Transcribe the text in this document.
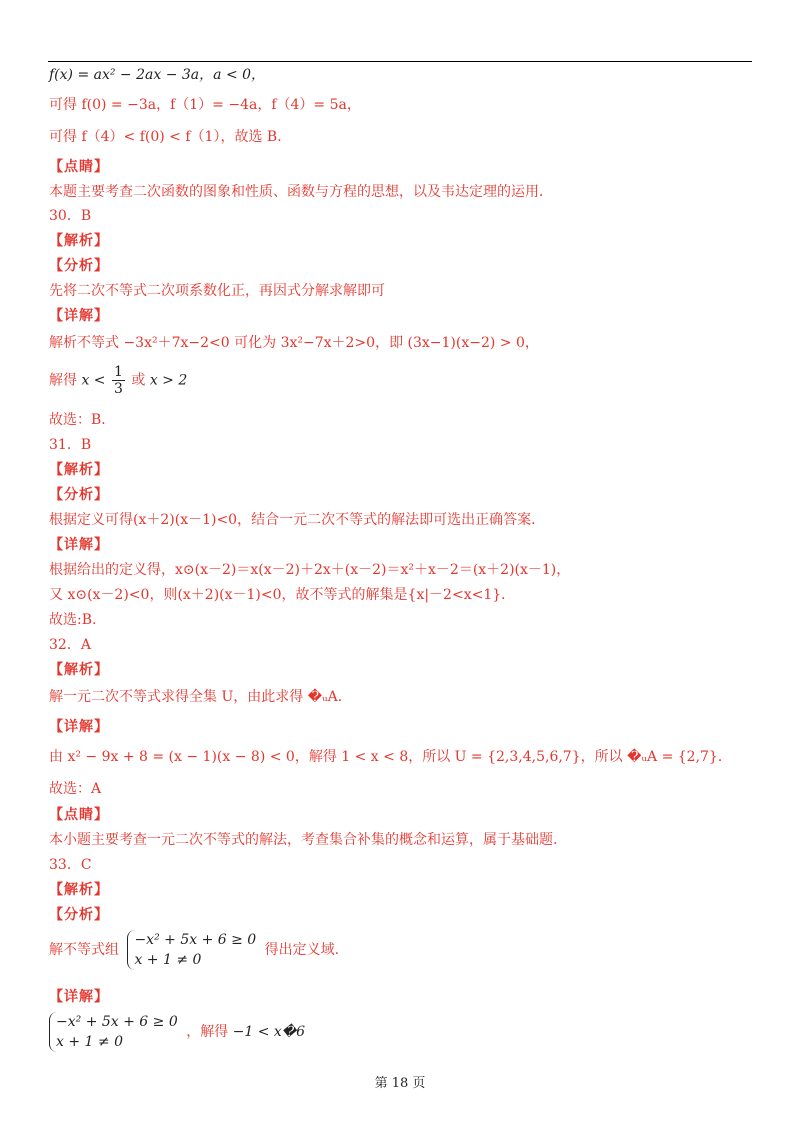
f(x) = ax² − 2ax − 3a，a < 0，
可得 f(0) = −3a，f（1）= −4a，f（4）= 5a，
可得 f（4）< f(0) < f（1），故选 B．
【点睛】
本题主要考查二次函数的图象和性质、函数与方程的思想，以及韦达定理的运用．
30．B
【解析】
【分析】
先将二次不等式二次项系数化正，再因式分解求解即可
【详解】
解析不等式 −3x²＋7x−2<0 可化为 3x²−7x＋2>0，即 (3x−1)(x−2) > 0，
解得 $x < \frac{1}{3}$ 或 x > 2
故选：B．
31．B
【解析】
【分析】
根据定义可得(x＋2)(x－1)<0，结合一元二次不等式的解法即可选出正确答案.
【详解】
根据给出的定义得，x⊙(x－2)＝x(x－2)＋2x＋(x－2)＝x²＋x－2＝(x＋2)(x－1)，
又 x⊙(x－2)<0，则(x＋2)(x－1)<0，故不等式的解集是{x|－2<x<1}．
故选:B.
32．A
【解析】
解一元二次不等式求得全集 U，由此求得 �ᵤA．
【详解】
由 x² − 9x + 8 = (x − 1)(x − 8) < 0，解得 1 < x < 8，所以 U = {2,3,4,5,6,7}，所以 �ᵤA = {2,7}．
故选：A
【点睛】
本小题主要考查一元二次不等式的解法，考查集合补集的概念和运算，属于基础题.
33．C
【解析】
【分析】
解不等式组
−x² + 5x + 6 ≥ 0
x + 1 ≠ 0
得出定义域.
【详解】
−x² + 5x + 6 ≥ 0
x + 1 ≠ 0
，解得 −1 < x�6
第 18 页
